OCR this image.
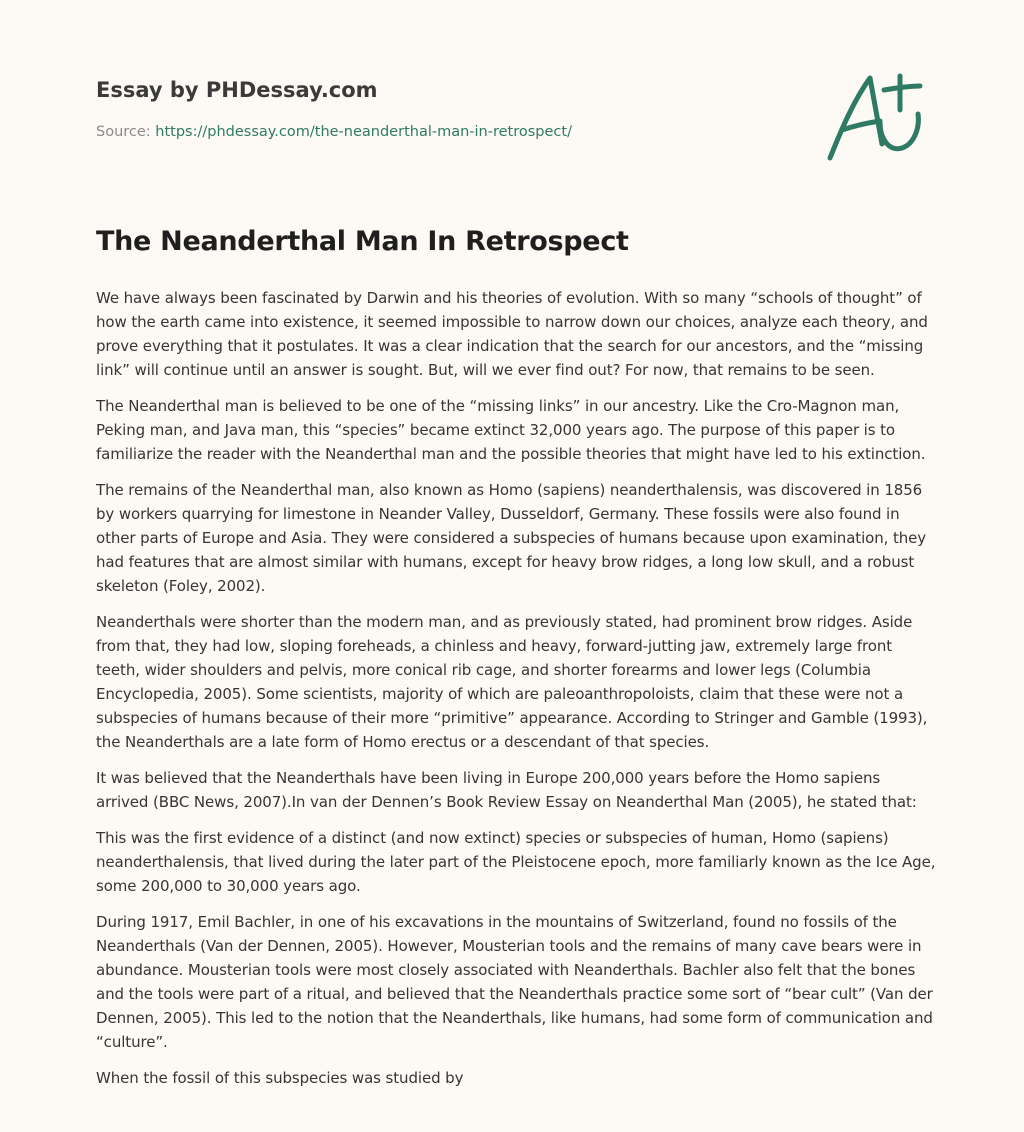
Essay by PHDessay.com
Source: https://phdessay.com/the-neanderthal-man-in-retrospect/
The Neanderthal Man In Retrospect

We have always been fascinated by Darwin and his theories of evolution. With so many “schools of thought” of how the earth came into existence, it seemed impossible to narrow down our choices, analyze each theory, and prove everything that it postulates. It was a clear indication that the search for our ancestors, and the “missing link” will continue until an answer is sought. But, will we ever find out? For now, that remains to be seen.

The Neanderthal man is believed to be one of the “missing links” in our ancestry. Like the Cro-Magnon man, Peking man, and Java man, this “species” became extinct 32,000 years ago. The purpose of this paper is to familiarize the reader with the Neanderthal man and the possible theories that might have led to his extinction.

The remains of the Neanderthal man, also known as Homo (sapiens) neanderthalensis, was discovered in 1856 by workers quarrying for limestone in Neander Valley, Dusseldorf, Germany. These fossils were also found in other parts of Europe and Asia. They were considered a subspecies of humans because upon examination, they had features that are almost similar with humans, except for heavy brow ridges, a long low skull, and a robust skeleton (Foley, 2002).

Neanderthals were shorter than the modern man, and as previously stated, had prominent brow ridges. Aside from that, they had low, sloping foreheads, a chinless and heavy, forward-jutting jaw, extremely large front teeth, wider shoulders and pelvis, more conical rib cage, and shorter forearms and lower legs (Columbia Encyclopedia, 2005). Some scientists, majority of which are paleoanthropoloists, claim that these were not a subspecies of humans because of their more “primitive” appearance. According to Stringer and Gamble (1993), the Neanderthals are a late form of Homo erectus or a descendant of that species.

It was believed that the Neanderthals have been living in Europe 200,000 years before the Homo sapiens arrived (BBC News, 2007).In van der Dennen’s Book Review Essay on Neanderthal Man (2005), he stated that:

This was the first evidence of a distinct (and now extinct) species or subspecies of human, Homo (sapiens) neanderthalensis, that lived during the later part of the Pleistocene epoch, more familiarly known as the Ice Age, some 200,000 to 30,000 years ago.

During 1917, Emil Bachler, in one of his excavations in the mountains of Switzerland, found no fossils of the Neanderthals (Van der Dennen, 2005). However, Mousterian tools and the remains of many cave bears were in abundance. Mousterian tools were most closely associated with Neanderthals. Bachler also felt that the bones and the tools were part of a ritual, and believed that the Neanderthals practice some sort of “bear cult” (Van der Dennen, 2005). This led to the notion that the Neanderthals, like humans, had some form of communication and “culture”.

When the fossil of this subspecies was studied by
